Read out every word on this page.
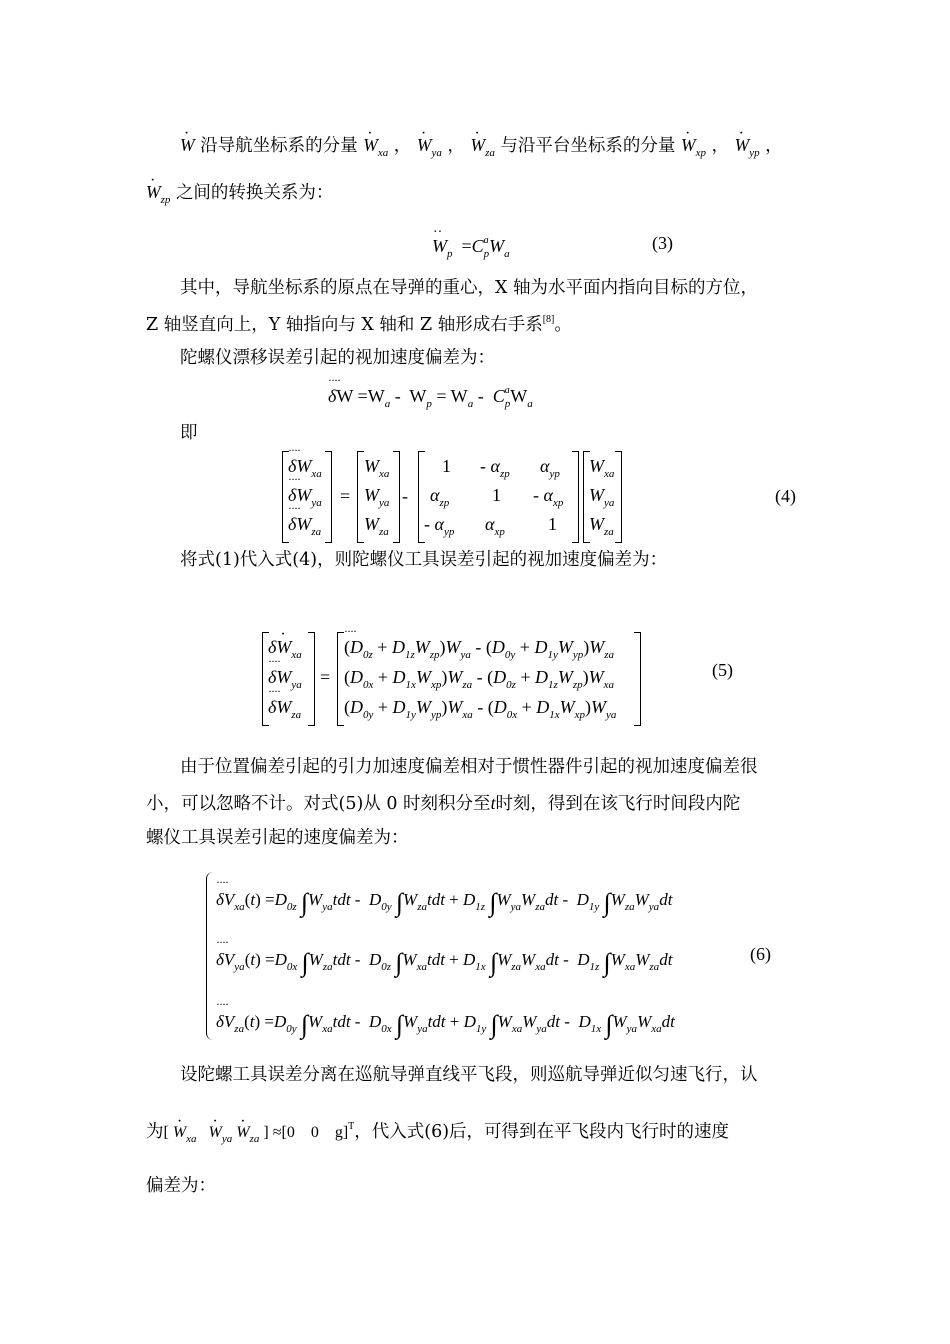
· W 沿导航坐标系的分量 · $W_{xa}$ ， · $W_{ya}$ ， · $W_{za}$ 与沿平台坐标系的分量 · $W_{xp}$ ， · $W_{yp}$ ，
· $W_{zp}$ 之间的转换关系为：
·· $W_p =C$ $_{a p}W_a$
(3)
其中，导航坐标系的原点在导弹的重心，X 轴为水平面内指向目标的方位，
Z 轴竖直向上，Y 轴指向与 X 轴和 Z 轴形成右手系[8]。
陀螺仪漂移误差引起的视加速度偏差为：
$\delta\cdot\cdot\cdot\cdot W =W_a - W_p = W_a - C$ $_{a p}W_a$
即
$\delta\cdot\cdot\cdot\cdot W_{xa}$
$\delta\cdot\cdot\cdot\cdot W_{ya}$
$\delta\cdot\cdot\cdot\cdot W_{za}$
=
$W_{xa}$
$W_{ya}$
$W_{za}$
-
$1 - \alpha_{zp}$ $\alpha_{yp}$
$\alpha_{zp}$ $1 - \alpha_{xp}$
- $\alpha_{yp}$ $\alpha_{xp}$ 1
$W_{xa}$
$W_{ya}$
$W_{za}$
(4)
将式(1)代入式(4)，则陀螺仪工具误差引起的视加速度偏差为：
$\delta\cdot W_{xa}$
$\delta\cdot\cdot\cdot\cdot W_{ya}$
$\delta\cdot\cdot\cdot\cdot W_{za}$
=
$(D_{0z} + D_{1z}\cdot\cdot\cdot\cdot W_{zp})W_{ya} - (D_{0y} + D_{1y}W_{yp})W_{za}$
$(D_{0x} + D_{1x}W_{xp})W_{za} - (D_{0z} + D_{1z}W_{zp})W_{xa}$
$(D_{0y} + D_{1y}W_{yp})W_{xa} - (D_{0x} + D_{1x}W_{xp})W_{ya}$
(5)
由于位置偏差引起的引力加速度偏差相对于惯性器件引起的视加速度偏差很
小，可以忽略不计。对式(5)从 0 时刻积分至t时刻，得到在该飞行时间段内陀
螺仪工具误差引起的速度偏差为：
$\delta V_{xa}(t) =D_{0z}$ ∫···· $W_{ya}tdt - D_{0y}$ $\int W_{za}tdt + D_{1z}$ $\int W_{ya}W_{za}dt - D_{1y}$ $\int W_{za}W_{ya}dt$
$\delta V_{ya}(t) =D_{0x}$ ∫···· $W_{za}tdt - D_{0z}$ $\int W_{xa}tdt + D_{1x}$ $\int W_{za}W_{xa}dt - D_{1z}$ $\int W_{xa}W_{za}dt$
$\delta V_{za}(t) =D_{0y}$ ∫···· $W_{xa}tdt - D_{0x}$ $\int W_{ya}tdt + D_{1y}$ $\int W_{xa}W_{ya}dt - D_{1x}$ $\int W_{ya}W_{xa}dt$
(6)
设陀螺工具误差分离在巡航导弹直线平飞段，则巡航导弹近似匀速飞行，认
为[ · $W_{xa} \cdot W_{ya} \cdot W_{za}$ ] ≈[0    0    g]$^T$，代入式(6)后，可得到在平飞段内飞行时的速度
偏差为：
